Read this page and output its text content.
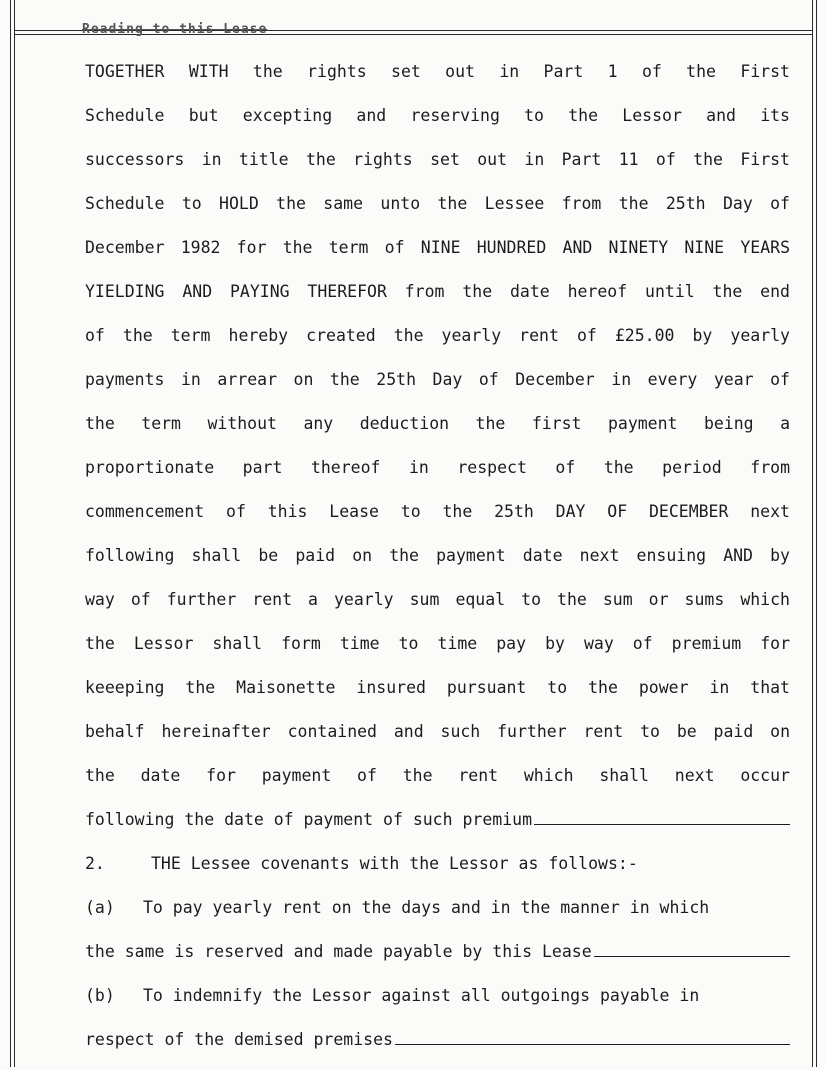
Reading to this Lease
TOGETHER WITH the rights set out in Part 1 of the First
Schedule but excepting and reserving to the Lessor and its
successors in title the rights set out in Part 11 of the First
Schedule to HOLD the same unto the Lessee from the 25th Day of
December 1982 for the term of NINE HUNDRED AND NINETY NINE YEARS
YIELDING AND PAYING THEREFOR from the date hereof until the end
of the term hereby created the yearly rent of £25.00 by yearly
payments in arrear on the 25th Day of December in every year of
the term without any deduction the first payment being a
proportionate part thereof in respect of the period from
commencement of this Lease to the 25th DAY OF DECEMBER next
following shall be paid on the payment date next ensuing AND by
way of further rent a yearly sum equal to the sum or sums which
the Lessor shall form time to time pay by way of premium for
keeeping the Maisonette insured pursuant to the power in that
behalf hereinafter contained and such further rent to be paid on
the date for payment of the rent which shall next occur
following the date of payment of such premium
2.	THE Lessee covenants with the Lessor as follows:-
(a) To pay yearly rent on the days and in the manner in which
the same is reserved and made payable by this Lease
(b) To indemnify the Lessor against all outgoings payable in
respect of the demised premises
